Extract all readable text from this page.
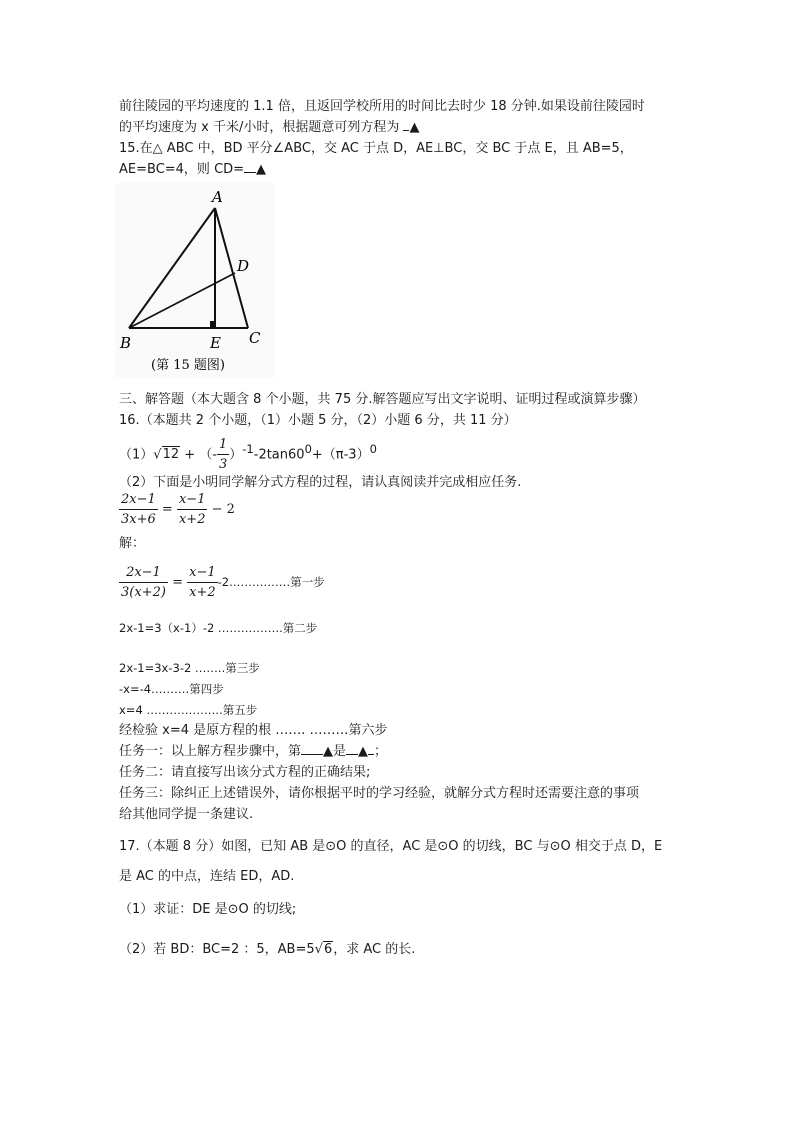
前往陵园的平均速度的 1.1 倍，且返回学校所用的时间比去时少 18 分钟.如果设前往陵园时
的平均速度为 x 千米/小时，根据题意可列方程为 ▲
15.在△ ABC 中，BD 平分∠ABC，交 AC 于点 D，AE⊥BC，交 BC 于点 E，且 AB=5，
AE=BC=4，则 CD= ▲
A
D
B	E C
(第 15 题图)
三、解答题（本大题含 8 个小题，共 75 分.解答题应写出文字说明、证明过程或演算步骤）
16.（本题共 2 个小题，（1）小题 5 分，（2）小题 6 分，共 11 分）
（1）√12 + （- $\frac{1}{3} )^{-1}-2\tan 60^0+(\pi-3)^0$
（2）下面是小明同学解分式方程的过程，请认真阅读并完成相应任务.
$\frac{2x-1}{3x+6} = \frac{x-1}{x+2} - 2$
解：
$\frac{2x-1}{3(x+2)} = \frac{x-1}{x+2}$ -2.……………第一步
2x-1=3（x-1）-2 ……………..第二步
2x-1=3x-3-2 ……..第三步
-x=-4……….第四步
x=4 ………………..第五步
经检验 x=4 是原方程的根 ……. ………第六步
任务一：以上解方程步骤中，第 ▲是 ▲ ；
任务二：请直接写出该分式方程的正确结果;
任务三：除纠正上述错误外，请你根据平时的学习经验，就解分式方程时还需要注意的事项
给其他同学提一条建议.
17.（本题 8 分）如图，已知 AB 是⊙O 的直径，AC 是⊙O 的切线，BC 与⊙O 相交于点 D，E
是 AC 的中点，连结 ED，AD.
（1）求证：DE 是⊙O 的切线;
（2）若 BD：BC=2 ：5，AB=5√6，求 AC 的长.
